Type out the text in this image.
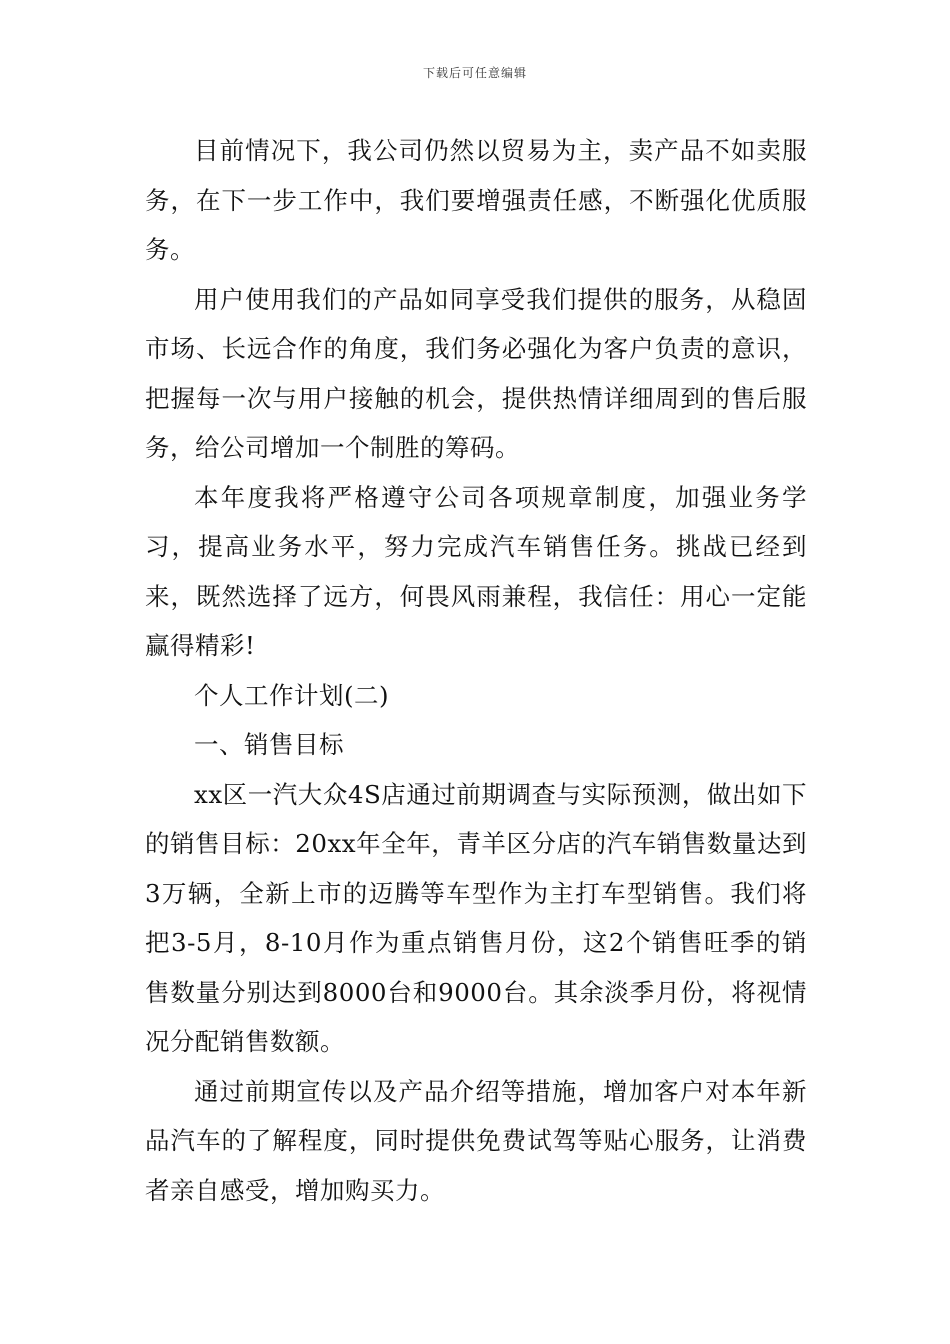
下载后可任意编辑

目前情况下，我公司仍然以贸易为主，卖产品不如卖服务，在下一步工作中，我们要增强责任感，不断强化优质服务。

用户使用我们的产品如同享受我们提供的服务，从稳固市场、长远合作的角度，我们务必强化为客户负责的意识，把握每一次与用户接触的机会，提供热情详细周到的售后服务，给公司增加一个制胜的筹码。

本年度我将严格遵守公司各项规章制度，加强业务学习，提高业务水平，努力完成汽车销售任务。挑战已经到来，既然选择了远方，何畏风雨兼程，我信任：用心一定能赢得精彩!

个人工作计划(二)

一、销售目标

xx区一汽大众4S店通过前期调查与实际预测，做出如下的销售目标：20xx年全年，青羊区分店的汽车销售数量达到3万辆，全新上市的迈腾等车型作为主打车型销售。我们将把3-5月，8-10月作为重点销售月份，这2个销售旺季的销售数量分别达到8000台和9000台。其余淡季月份，将视情况分配销售数额。

通过前期宣传以及产品介绍等措施，增加客户对本年新品汽车的了解程度，同时提供免费试驾等贴心服务，让消费者亲自感受，增加购买力。
